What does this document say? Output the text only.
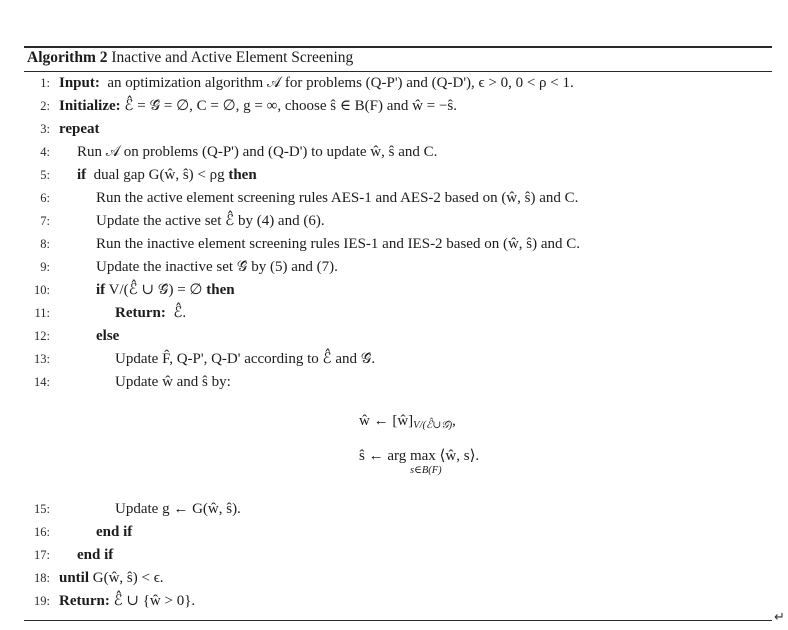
Algorithm 2 Inactive and Active Element Screening
1: Input: an optimization algorithm 𝒜 for problems (Q-P') and (Q-D'), ϵ > 0, 0 < ρ < 1.
2: Initialize: ℰ̂ = 𝒢̂ = ∅, C = ∅, g = ∞, choose ŝ ∈ B(F) and ŵ = −ŝ.
3: repeat
4: Run 𝒜 on problems (Q-P') and (Q-D') to update ŵ, ŝ and C.
5: if dual gap G(ŵ, ŝ) < ρg then
6:	Run the active element screening rules AES-1 and AES-2 based on (ŵ, ŝ) and C.
7:	Update the active set ℰ̂ by (4) and (6).
8:	Run the inactive element screening rules IES-1 and IES-2 based on (ŵ, ŝ) and C.
9:	Update the inactive set 𝒢̂ by (5) and (7).
10:	if V/(ℰ̂ ∪ 𝒢̂) = ∅ then
11:	Return: ℰ̂.
12:	else
13:	Update F̂, Q-P', Q-D' according to ℰ̂ and 𝒢̂.
14:	Update ŵ and ŝ by:
ŵ ← $[ŵ]_{V/(ℰ̂\cup 𝒢̂)}$,
ŝ ← arg max ⟨ŵ, s⟩.
s∈B(F)
15:	Update g ← G(ŵ, ŝ).
16:	end if
17: end if
18: until G(ŵ, ŝ) < ϵ.
19: Return: ℰ̂ ∪ {ŵ > 0}.
↵
